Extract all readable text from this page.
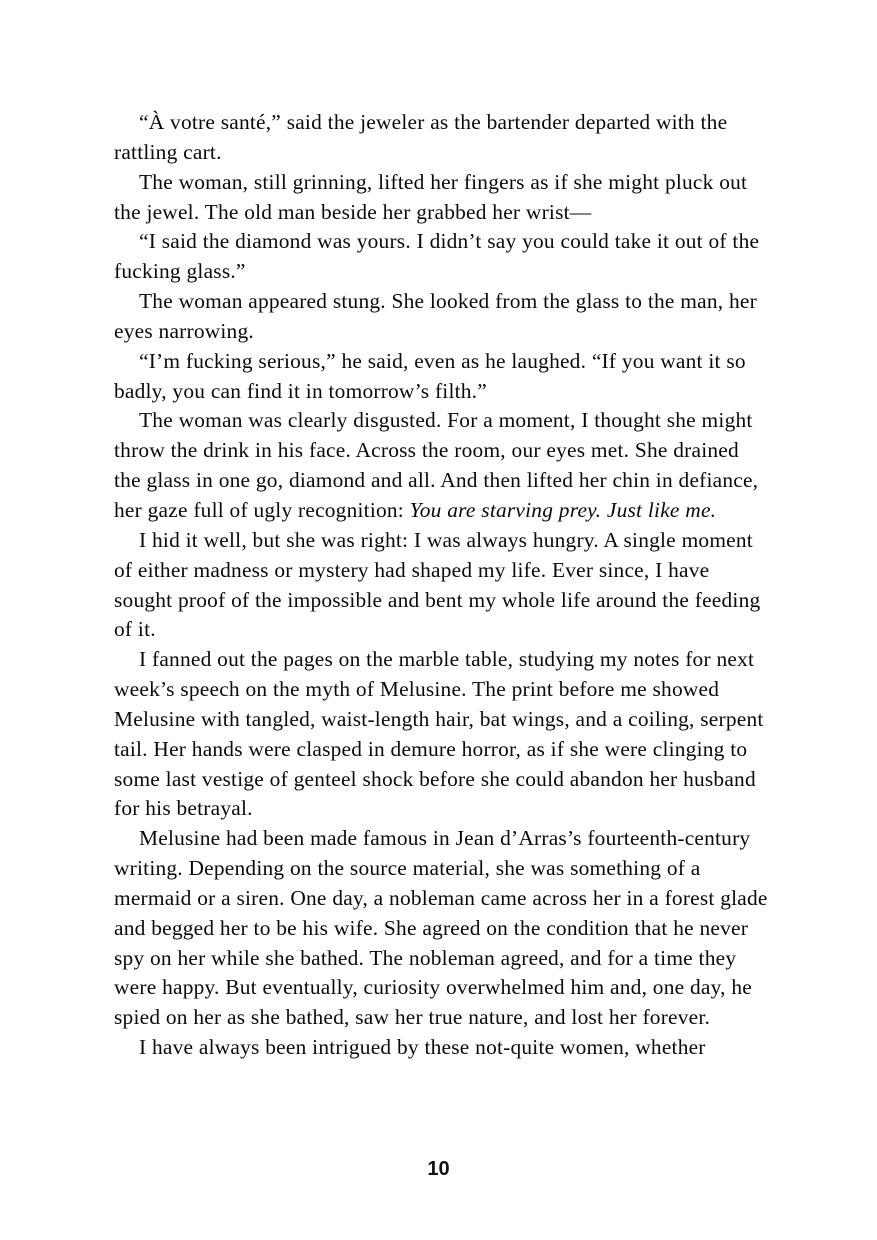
“À votre santé,” said the jeweler as the bartender departed with the rattling cart.

The woman, still grinning, lifted her fingers as if she might pluck out the jewel. The old man beside her grabbed her wrist—

“I said the diamond was yours. I didn’t say you could take it out of the fucking glass.”

The woman appeared stung. She looked from the glass to the man, her eyes narrowing.

“I’m fucking serious,” he said, even as he laughed. “If you want it so badly, you can find it in tomorrow’s filth.”

The woman was clearly disgusted. For a moment, I thought she might throw the drink in his face. Across the room, our eyes met. She drained the glass in one go, diamond and all. And then lifted her chin in defiance, her gaze full of ugly recognition: You are starving prey. Just like me.

I hid it well, but she was right: I was always hungry. A single moment of either madness or mystery had shaped my life. Ever since, I have sought proof of the impossible and bent my whole life around the feeding of it.

I fanned out the pages on the marble table, studying my notes for next week’s speech on the myth of Melusine. The print before me showed Melusine with tangled, waist-length hair, bat wings, and a coiling, serpent tail. Her hands were clasped in demure horror, as if she were clinging to some last vestige of genteel shock before she could abandon her husband for his betrayal.

Melusine had been made famous in Jean d’Arras’s fourteenth-century writing. Depending on the source material, she was something of a mermaid or a siren. One day, a nobleman came across her in a forest glade and begged her to be his wife. She agreed on the condition that he never spy on her while she bathed. The nobleman agreed, and for a time they were happy. But eventually, curiosity overwhelmed him and, one day, he spied on her as she bathed, saw her true nature, and lost her forever.

I have always been intrigued by these not-quite women, whether

10
